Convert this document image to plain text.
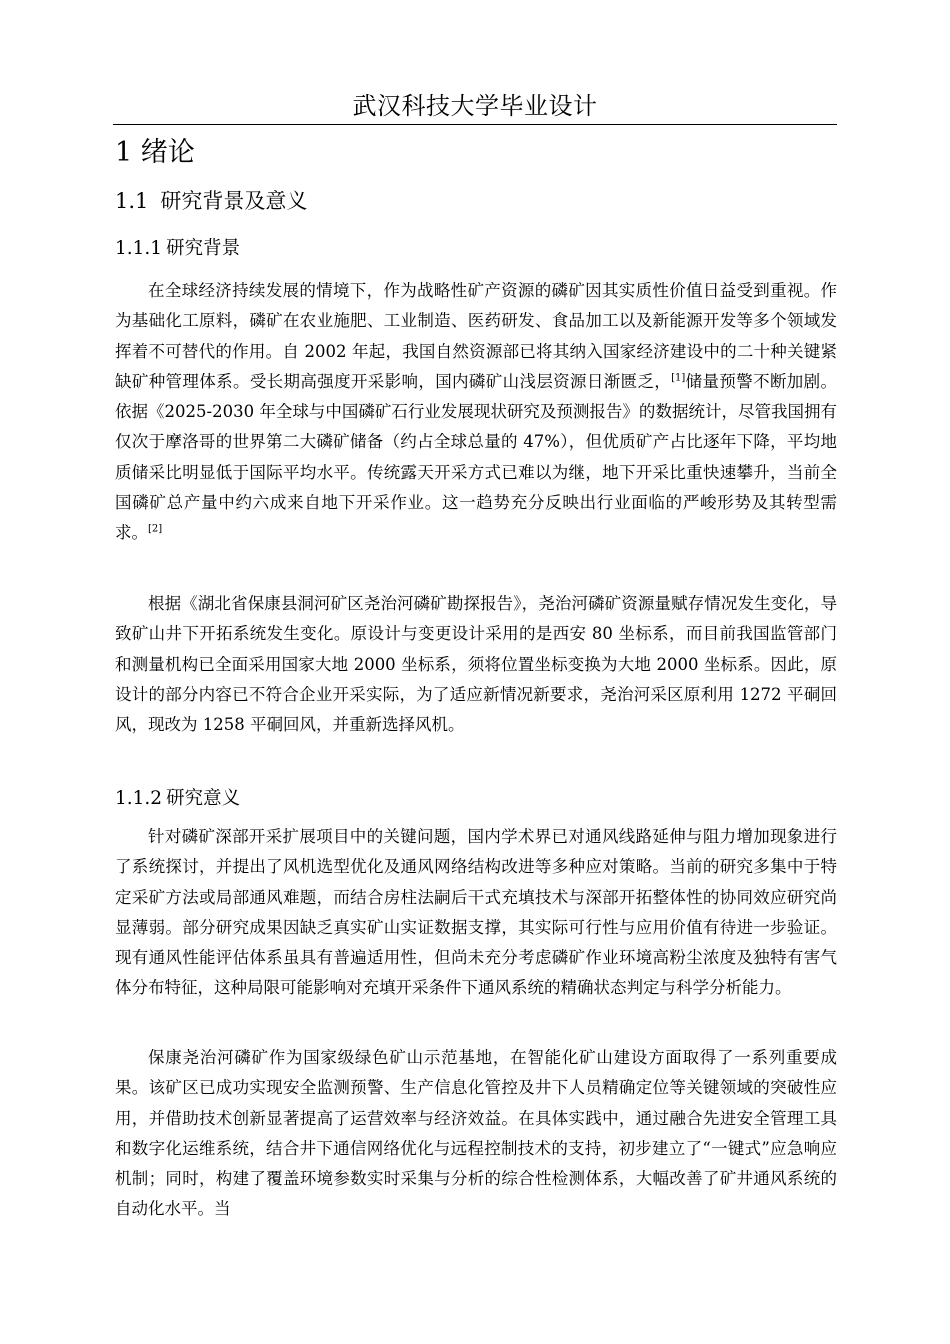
武汉科技大学毕业设计
1 绪论
1.1 研究背景及意义
1.1.1 研究背景

在全球经济持续发展的情境下，作为战略性矿产资源的磷矿因其实质性价值日益受到重视。作为基础化工原料，磷矿在农业施肥、工业制造、医药研发、食品加工以及新能源开发等多个领域发挥着不可替代的作用。自 2002 年起，我国自然资源部已将其纳入国家经济建设中的二十种关键紧缺矿种管理体系。受长期高强度开采影响，国内磷矿山浅层资源日渐匮乏，[1]储量预警不断加剧。依据《2025-2030 年全球与中国磷矿石行业发展现状研究及预测报告》的数据统计，尽管我国拥有仅次于摩洛哥的世界第二大磷矿储备（约占全球总量的 47%），但优质矿产占比逐年下降，平均地质储采比明显低于国际平均水平。传统露天开采方式已难以为继，地下开采比重快速攀升，当前全国磷矿总产量中约六成来自地下开采作业。这一趋势充分反映出行业面临的严峻形势及其转型需求。[2]

根据《湖北省保康县洞河矿区尧治河磷矿勘探报告》，尧治河磷矿资源量赋存情况发生变化，导致矿山井下开拓系统发生变化。原设计与变更设计采用的是西安 80 坐标系，而目前我国监管部门和测量机构已全面采用国家大地 2000 坐标系，须将位置坐标变换为大地 2000 坐标系。因此，原设计的部分内容已不符合企业开采实际，为了适应新情况新要求，尧治河采区原利用 1272 平硐回风，现改为 1258 平硐回风，并重新选择风机。

1.1.2 研究意义

针对磷矿深部开采扩展项目中的关键问题，国内学术界已对通风线路延伸与阻力增加现象进行了系统探讨，并提出了风机选型优化及通风网络结构改进等多种应对策略。当前的研究多集中于特定采矿方法或局部通风难题，而结合房柱法嗣后干式充填技术与深部开拓整体性的协同效应研究尚显薄弱。部分研究成果因缺乏真实矿山实证数据支撑，其实际可行性与应用价值有待进一步验证。现有通风性能评估体系虽具有普遍适用性，但尚未充分考虑磷矿作业环境高粉尘浓度及独特有害气体分布特征，这种局限可能影响对充填开采条件下通风系统的精确状态判定与科学分析能力。

保康尧治河磷矿作为国家级绿色矿山示范基地，在智能化矿山建设方面取得了一系列重要成果。该矿区已成功实现安全监测预警、生产信息化管控及井下人员精确定位等关键领域的突破性应用，并借助技术创新显著提高了运营效率与经济效益。在具体实践中，通过融合先进安全管理工具和数字化运维系统，结合井下通信网络优化与远程控制技术的支持，初步建立了“一键式”应急响应机制；同时，构建了覆盖环境参数实时采集与分析的综合性检测体系，大幅改善了矿井通风系统的自动化水平。当
